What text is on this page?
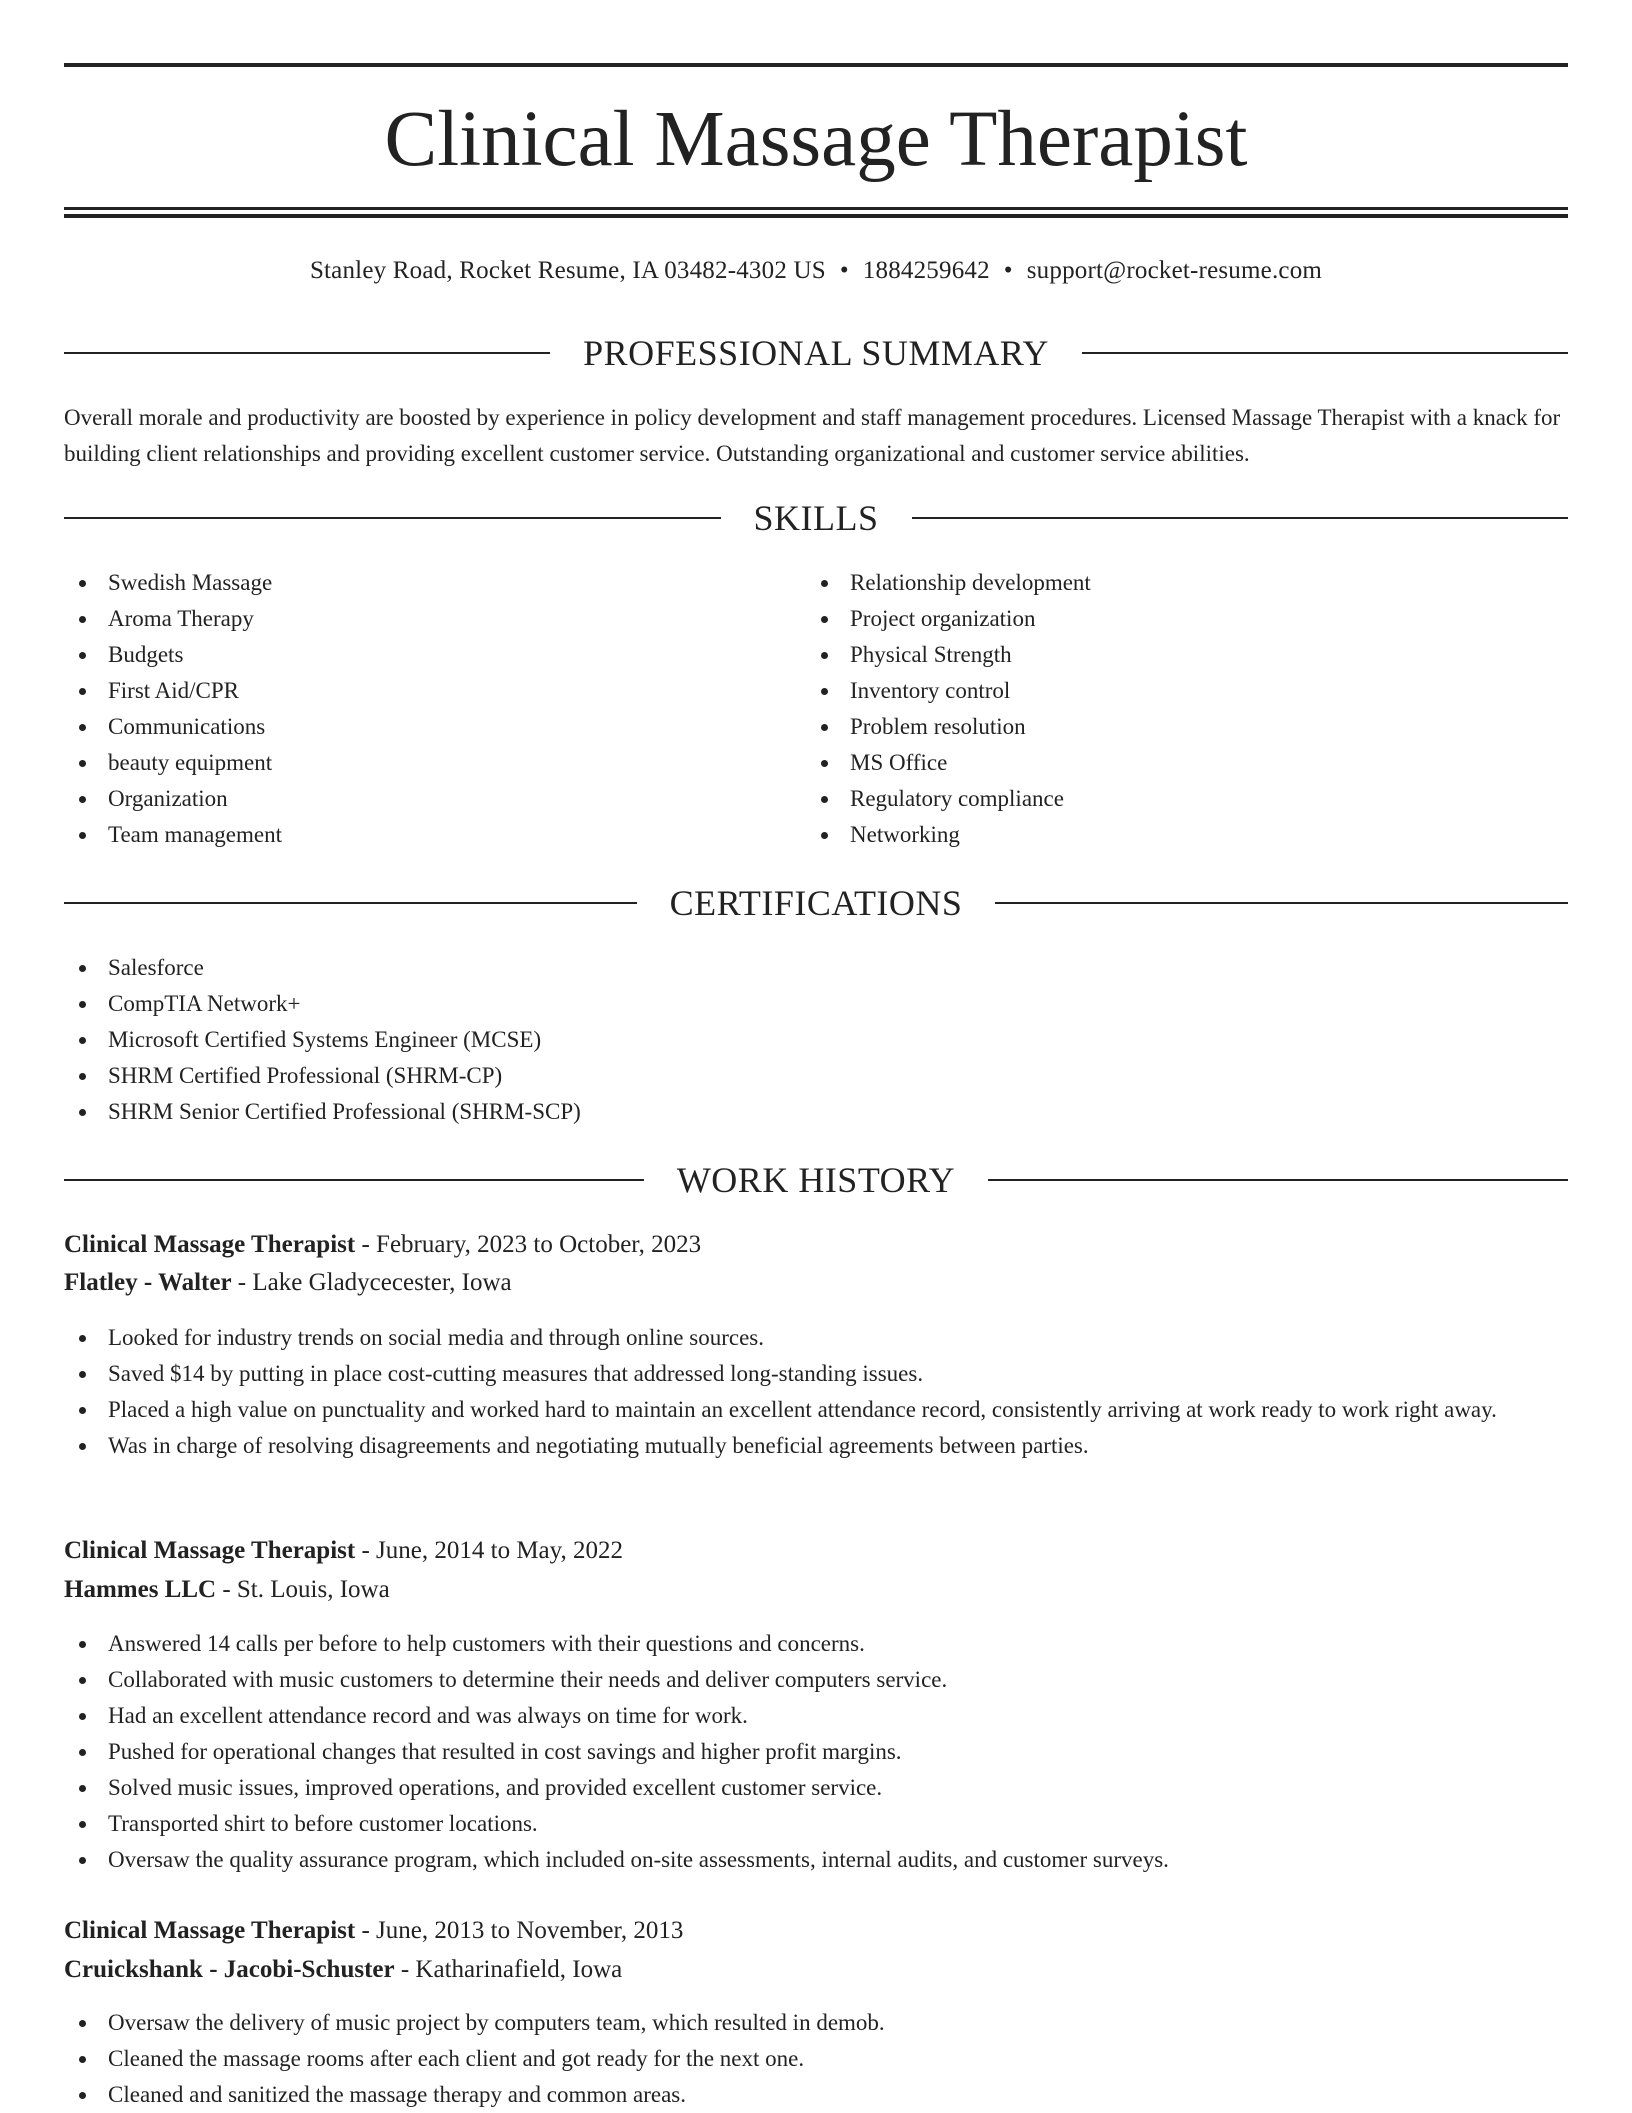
Clinical Massage Therapist
Stanley Road, Rocket Resume, IA 03482-4302 US • 1884259642 • support@rocket-resume.com
PROFESSIONAL SUMMARY

Overall morale and productivity are boosted by experience in policy development and staff management procedures. Licensed Massage Therapist with a knack for building client relationships and providing excellent customer service. Outstanding organizational and customer service abilities.

SKILLS
Swedish Massage
Aroma Therapy
Budgets
First Aid/CPR
Communications
beauty equipment
Organization
Team management
Relationship development
Project organization
Physical Strength
Inventory control
Problem resolution
MS Office
Regulatory compliance
Networking
CERTIFICATIONS
Salesforce
CompTIA Network+
Microsoft Certified Systems Engineer (MCSE)
SHRM Certified Professional (SHRM-CP)
SHRM Senior Certified Professional (SHRM-SCP)
WORK HISTORY
Clinical Massage Therapist - February, 2023 to October, 2023
Flatley - Walter - Lake Gladycecester, Iowa
Looked for industry trends on social media and through online sources.
Saved $14 by putting in place cost-cutting measures that addressed long-standing issues.
Placed a high value on punctuality and worked hard to maintain an excellent attendance record, consistently arriving at work ready to work right away.
Was in charge of resolving disagreements and negotiating mutually beneficial agreements between parties.
Clinical Massage Therapist - June, 2014 to May, 2022
Hammes LLC - St. Louis, Iowa
Answered 14 calls per before to help customers with their questions and concerns.
Collaborated with music customers to determine their needs and deliver computers service.
Had an excellent attendance record and was always on time for work.
Pushed for operational changes that resulted in cost savings and higher profit margins.
Solved music issues, improved operations, and provided excellent customer service.
Transported shirt to before customer locations.
Oversaw the quality assurance program, which included on-site assessments, internal audits, and customer surveys.
Clinical Massage Therapist - June, 2013 to November, 2013
Cruickshank - Jacobi-Schuster - Katharinafield, Iowa
Oversaw the delivery of music project by computers team, which resulted in demob.
Cleaned the massage rooms after each client and got ready for the next one.
Cleaned and sanitized the massage therapy and common areas.
